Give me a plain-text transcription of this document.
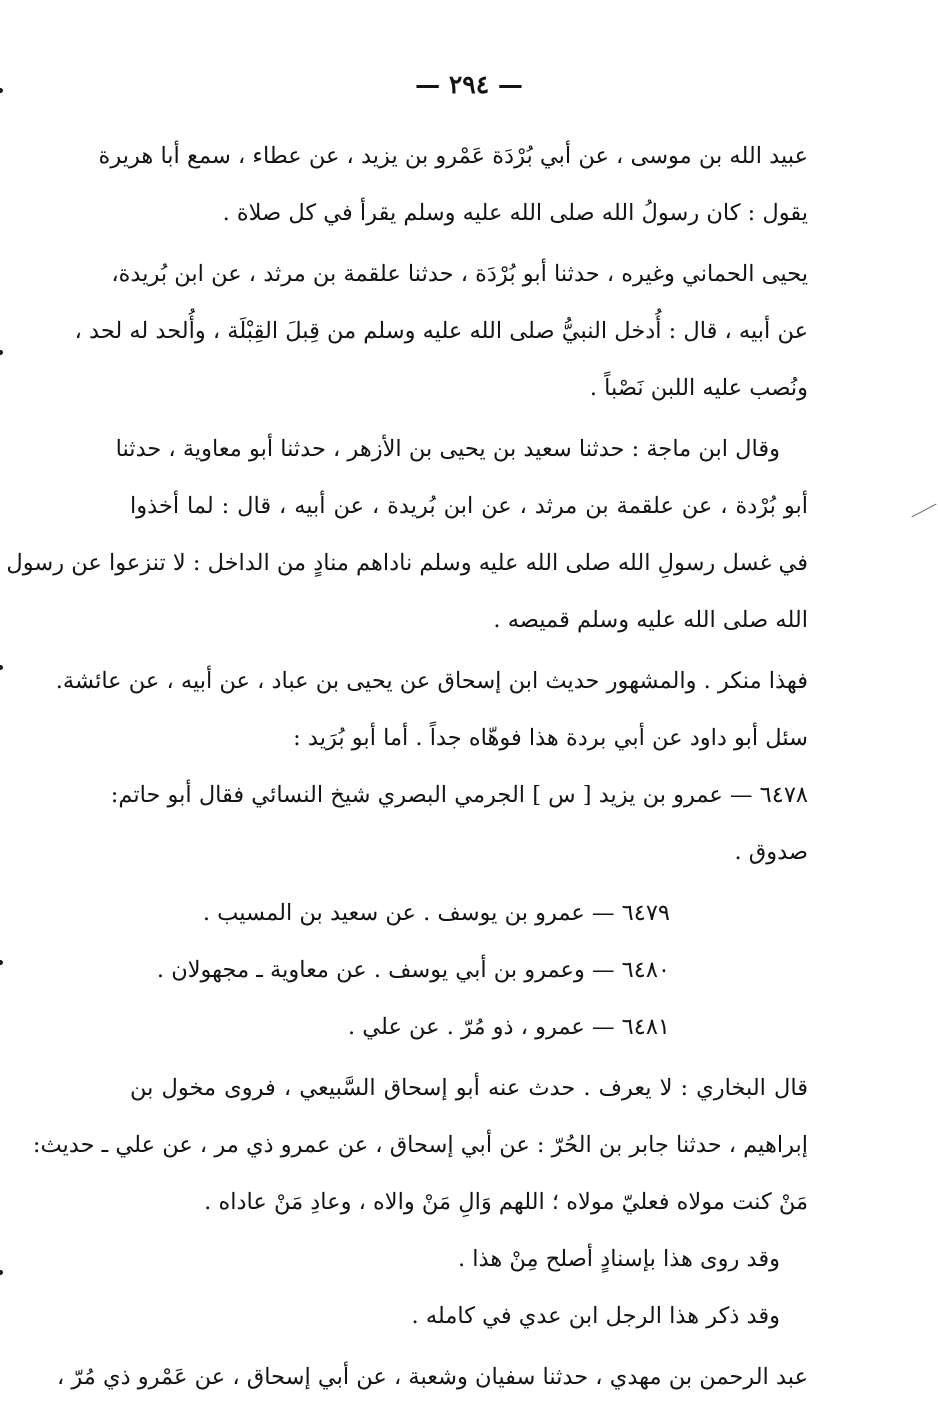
— ٢٩٤ —
عبيد الله بن موسى ، عن أبي بُرْدَة عَمْرو بن يزيد ، عن عطاء ، سمع أبا هريرة
يقول : كان رسولُ الله صلى الله عليه وسلم يقرأ في كل صلاة .
يحيى الحماني وغيره ، حدثنا أبو بُرْدَة ، حدثنا علقمة بن مرثد ، عن ابن بُريدة،
عن أبيه ، قال : أُدخل النبيُّ صلى الله عليه وسلم من قِبلَ القِبْلَة ، وأُلحد له لحد ،
ونُصب عليه اللبن نَصْباً .
وقال ابن ماجة : حدثنا سعيد بن يحيى بن الأزهر ، حدثنا أبو معاوية ، حدثنا
أبو بُرْدة ، عن علقمة بن مرثد ، عن ابن بُريدة ، عن أبيه ، قال : لما أخذوا
في غسل رسولِ الله صلى الله عليه وسلم ناداهم منادٍ من الداخل : لا تنزعوا عن رسول
الله صلى الله عليه وسلم قميصه .
فهذا منكر . والمشهور حديث ابن إسحاق عن يحيى بن عباد ، عن أبيه ، عن عائشة.
سئل أبو داود عن أبي بردة هذا فوهّاه جداً . أما أبو بُرَيد :
٦٤٧٨ — عمرو بن يزيد [ س ] الجرمي البصري شيخ النسائي فقال أبو حاتم:
صدوق .
٦٤٧٩ — عمرو بن يوسف . عن سعيد بن المسيب .
٦٤٨٠ — وعمرو بن أبي يوسف . عن معاوية ـ مجهولان .
٦٤٨١ — عمرو ، ذو مُرّ . عن علي .
قال البخاري : لا يعرف . حدث عنه أبو إسحاق السَّبيعي ، فروى مخول بن
إبراهيم ، حدثنا جابر بن الحُرّ : عن أبي إسحاق ، عن عمرو ذي مر ، عن علي ـ حديث:
مَنْ كنت مولاه فعليّ مولاه ؛ اللهم وَالِ مَنْ والاه ، وعادِ مَنْ عاداه .
وقد روى هذا بإسنادٍ أصلح مِنْ هذا .
وقد ذكر هذا الرجل ابن عدي في كامله .
عبد الرحمن بن مهدي ، حدثنا سفيان وشعبة ، عن أبي إسحاق ، عن عَمْرو ذي مُرّ ،
